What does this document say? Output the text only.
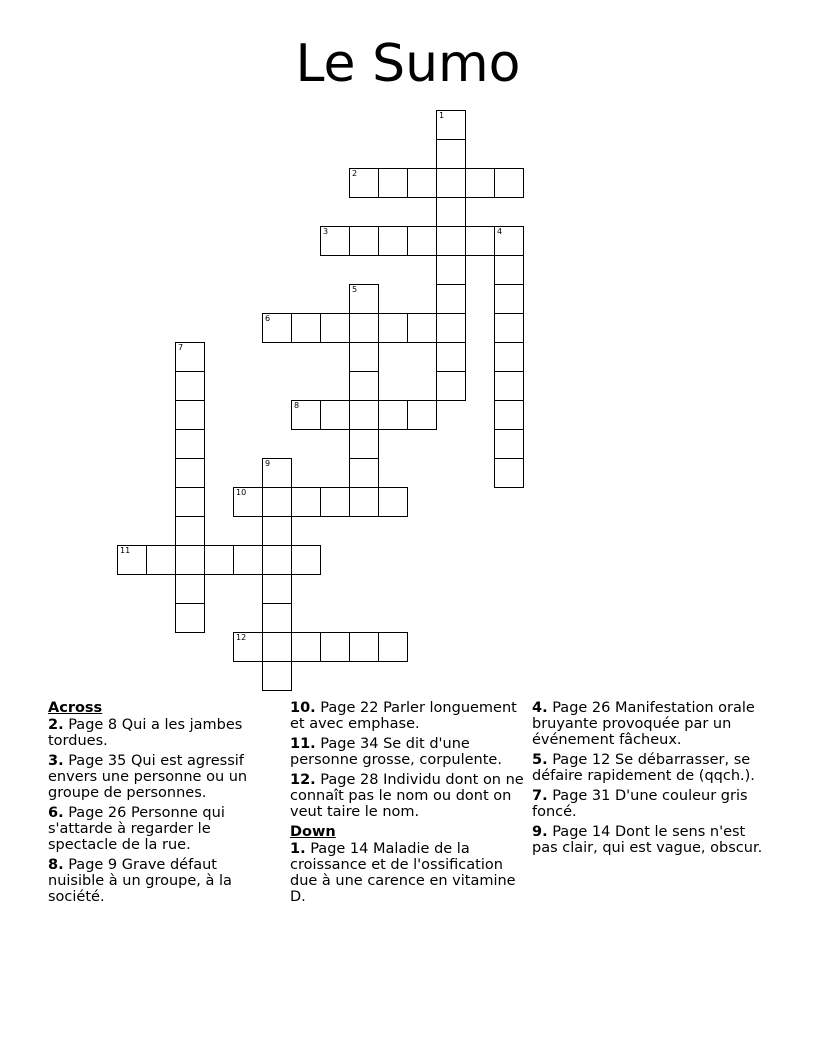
Le Sumo
2
3	4
6
8
10
11
12
1
5
7
9
Across
2. Page 8 Qui a les jambes tordues.
3. Page 35 Qui est agressif envers une personne ou un groupe de personnes.
6. Page 26 Personne qui s'attarde à regarder le spectacle de la rue.
8. Page 9 Grave défaut nuisible à un groupe, à la société.
10. Page 22 Parler longuement et avec emphase.
11. Page 34 Se dit d'une personne grosse, corpulente.
12. Page 28 Individu dont on ne connaît pas le nom ou dont on veut taire le nom.
Down
1. Page 14 Maladie de la croissance et de l'ossification due à une carence en vitamine D.
4. Page 26 Manifestation orale bruyante provoquée par un événement fâcheux.
5. Page 12 Se débarrasser, se défaire rapidement de (qqch.).
7. Page 31 D'une couleur gris foncé.
9. Page 14 Dont le sens n'est pas clair, qui est vague, obscur.
